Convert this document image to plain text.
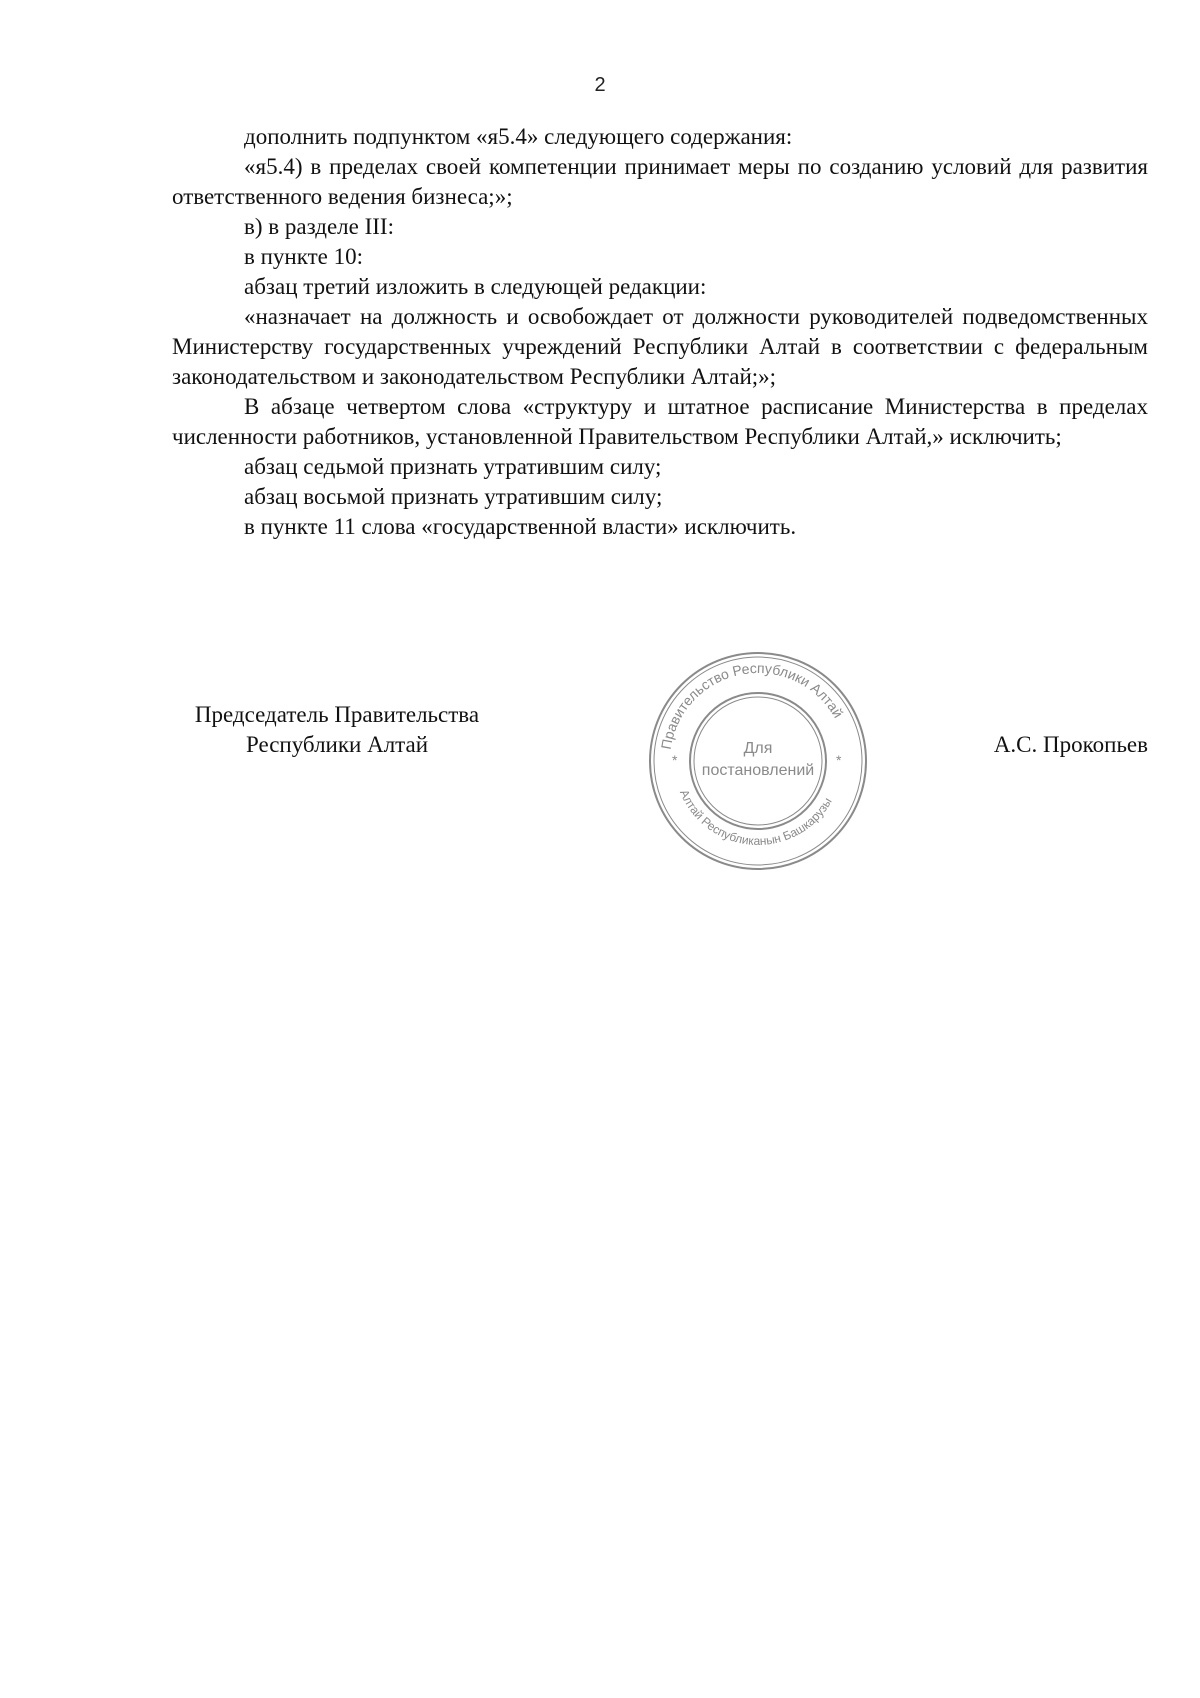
2

дополнить подпунктом «я5.4» следующего содержания:

«я5.4) в пределах своей компетенции принимает меры по созданию условий для развития ответственного ведения бизнеса;»;

в) в разделе III:

в пункте 10:

абзац третий изложить в следующей редакции:

«назначает на должность и освобождает от должности руководителей подведомственных Министерству государственных учреждений Республики Алтай в соответствии с федеральным законодательством и законодательством Республики Алтай;»;

В абзаце четвертом слова «структуру и штатное расписание Министерства в пределах численности работников, установленной Правительством Республики Алтай,» исключить;

абзац седьмой признать утратившим силу;

абзац восьмой признать утратившим силу;

в пункте 11 слова «государственной власти» исключить.

Председатель Правительства
Республики Алтай	А.С. Прокопьев
Правительство Республики Алтай
Алтай Республиканын Башкарузы
*	*
Для
постановлений
